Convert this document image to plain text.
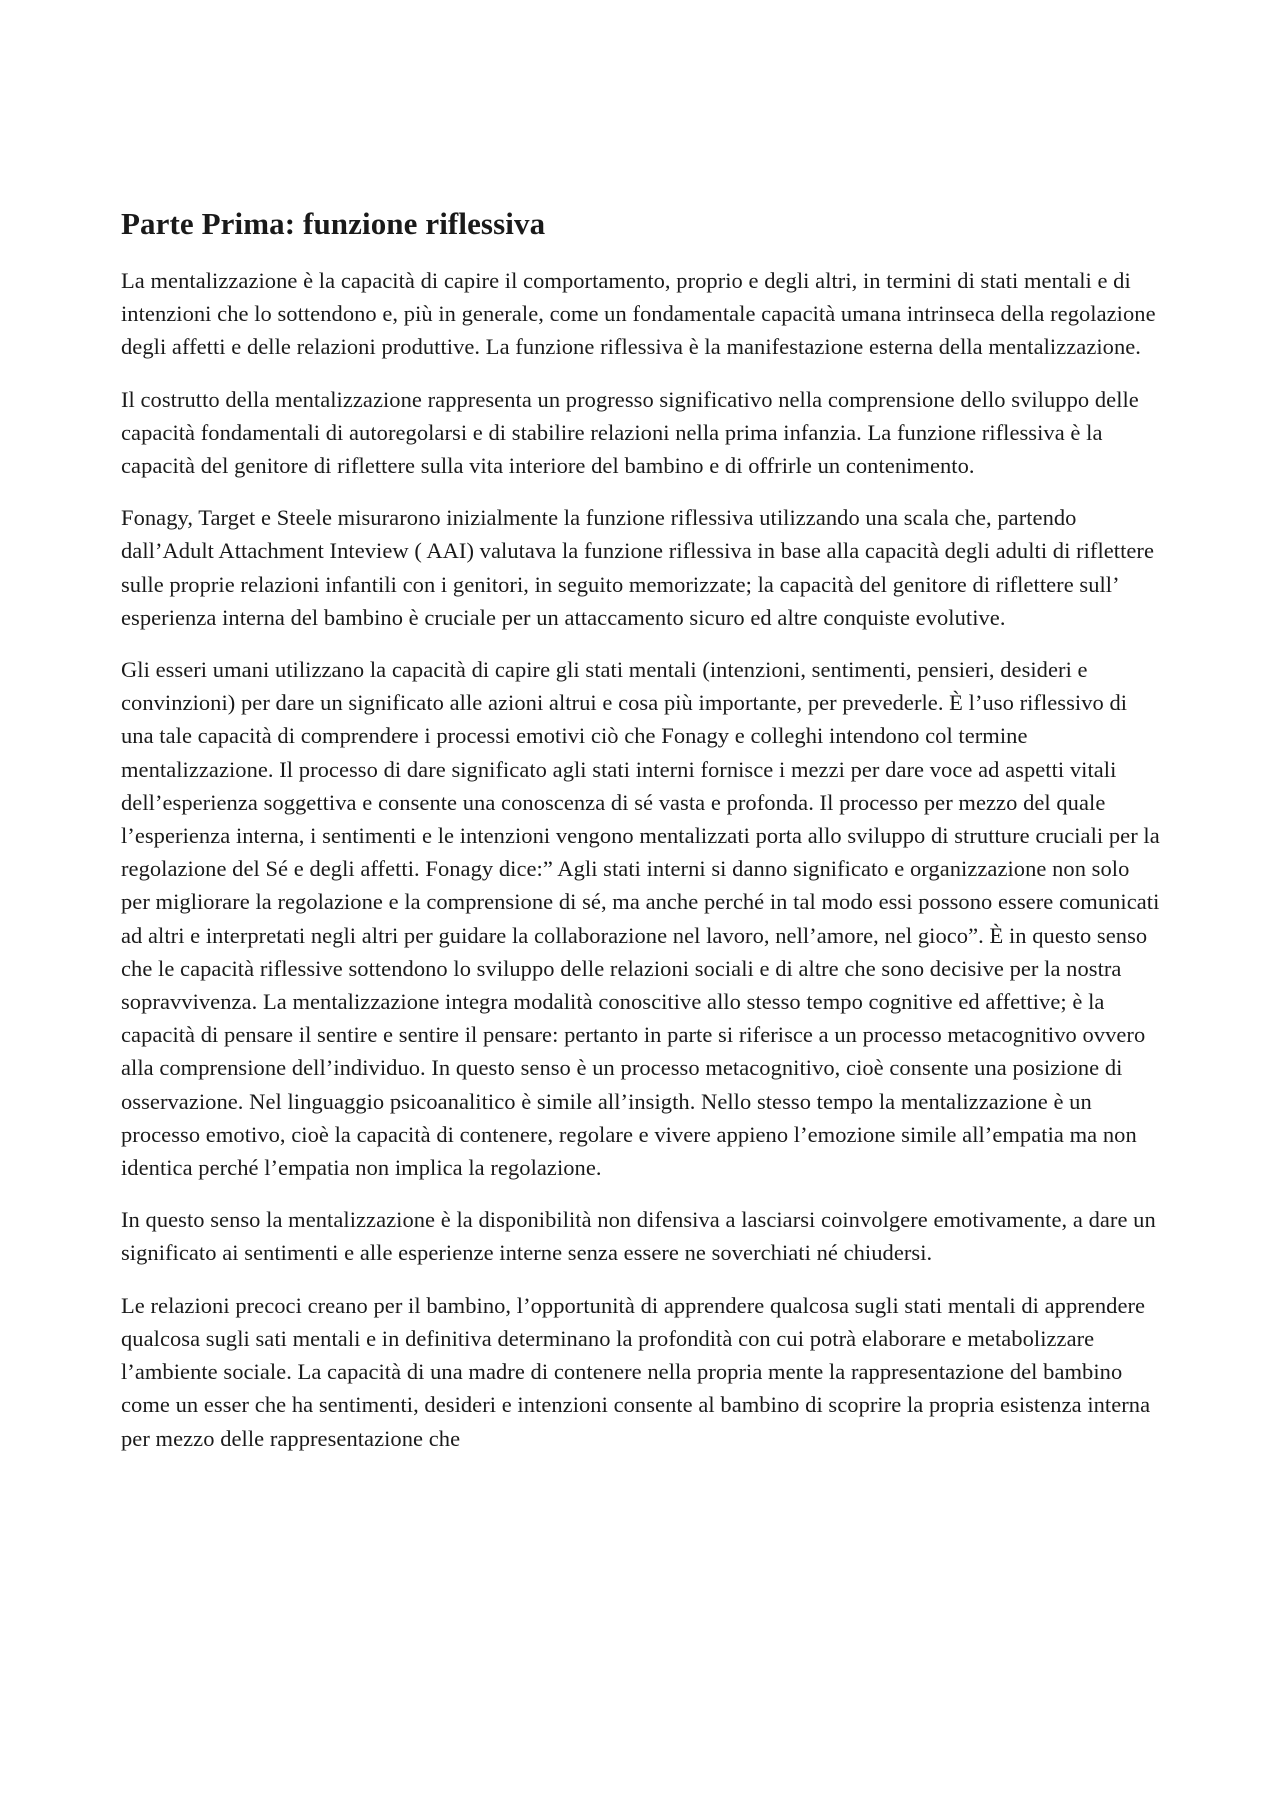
Parte Prima: funzione riflessiva

La mentalizzazione è la capacità di capire il comportamento, proprio e degli altri, in termini di stati mentali e di intenzioni che lo sottendono e, più in generale, come un fondamentale capacità umana intrinseca della regolazione degli affetti e delle relazioni produttive. La funzione riflessiva è la manifestazione esterna della mentalizzazione.

Il costrutto della mentalizzazione rappresenta un progresso significativo nella comprensione dello sviluppo delle capacità fondamentali di autoregolarsi e di stabilire relazioni nella prima infanzia. La funzione riflessiva è la capacità del genitore di riflettere sulla vita interiore del bambino e di offrirle un contenimento.

Fonagy, Target e Steele misurarono inizialmente la funzione riflessiva utilizzando una scala che, partendo dall’Adult Attachment Inteview ( AAI) valutava la funzione riflessiva in base alla capacità degli adulti di riflettere sulle proprie relazioni infantili con i genitori, in seguito memorizzate; la capacità del genitore di riflettere sull’ esperienza interna del bambino è cruciale per un attaccamento sicuro ed altre conquiste evolutive.

Gli esseri umani utilizzano la capacità di capire gli stati mentali (intenzioni, sentimenti, pensieri, desideri e convinzioni) per dare un significato alle azioni altrui e cosa più importante, per prevederle. È l’uso riflessivo di una tale capacità di comprendere i processi emotivi ciò che Fonagy e colleghi intendono col termine mentalizzazione. Il processo di dare significato agli stati interni fornisce i mezzi per dare voce ad aspetti vitali dell’esperienza soggettiva e consente una conoscenza di sé vasta e profonda. Il processo per mezzo del quale l’esperienza interna, i sentimenti e le intenzioni vengono mentalizzati porta allo sviluppo di strutture cruciali per la regolazione del Sé e degli affetti. Fonagy dice:” Agli stati interni si danno significato e organizzazione non solo per migliorare la regolazione e la comprensione di sé, ma anche perché in tal modo essi possono essere comunicati ad altri e interpretati negli altri per guidare la collaborazione nel lavoro, nell’amore, nel gioco”. È in questo senso che le capacità riflessive sottendono lo sviluppo delle relazioni sociali e di altre che sono decisive per la nostra sopravvivenza. La mentalizzazione integra modalità conoscitive allo stesso tempo cognitive ed affettive; è la capacità di pensare il sentire e sentire il pensare: pertanto in parte si riferisce a un processo metacognitivo ovvero alla comprensione dell’individuo. In questo senso è un processo metacognitivo, cioè consente una posizione di osservazione. Nel linguaggio psicoanalitico è simile all’insigth. Nello stesso tempo la mentalizzazione è un processo emotivo, cioè la capacità di contenere, regolare e vivere appieno l’emozione simile all’empatia ma non identica perché l’empatia non implica la regolazione.

In questo senso la mentalizzazione è la disponibilità non difensiva a lasciarsi coinvolgere emotivamente, a dare un significato ai sentimenti e alle esperienze interne senza essere ne soverchiati né chiudersi.

Le relazioni precoci creano per il bambino, l’opportunità di apprendere qualcosa sugli stati mentali di apprendere qualcosa sugli sati mentali e in definitiva determinano la profondità con cui potrà elaborare e metabolizzare l’ambiente sociale. La capacità di una madre di contenere nella propria mente la rappresentazione del bambino come un esser che ha sentimenti, desideri e intenzioni consente al bambino di scoprire la propria esistenza interna per mezzo delle rappresentazione che
